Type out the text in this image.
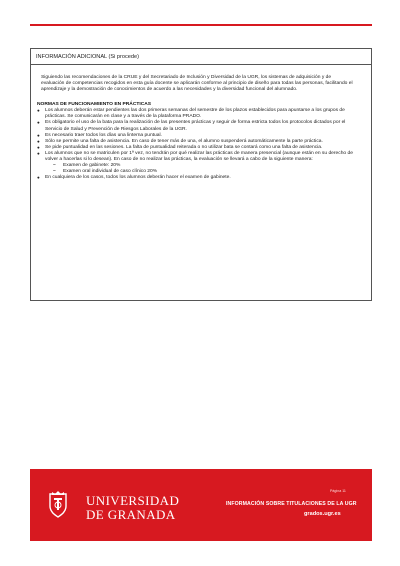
INFORMACIÓN ADICIONAL (Si procede)

Siguiendo las recomendaciones de la CRUE y del Secretariado de Inclusión y Diversidad de la UGR, los sistemas de adquisición y de evaluación de competencias recogidos en esta guía docente se aplicarán conforme al principio de diseño para todas las personas, facilitando el aprendizaje y la demostración de conocimientos de acuerdo a las necesidades y la diversidad funcional del alumnado.

NORMAS DE FUNCIONAMIENTO EN PRÁCTICAS
● Los alumnos deberán estar pendientes las dos primeras semanas del semestre de los plazos establecidos para apuntarse a los grupos de prácticas. Se comunicarán en clase y a través de la plataforma PRADO.
● Es obligatorio el uso de la bata para la realización de las presentes prácticas y seguir de forma estricta todos los protocolos dictados por el Servicio de Salud y Prevención de Riesgos Laborales de la UGR.
● Es necesario traer todos los días una linterna puntual.
● Sólo se permite una falta de asistencia. En caso de tener más de una, el alumno suspenderá automáticamente la parte práctica.
● Se pide puntualidad en las sesiones. La falta de puntualidad reiterada o no utilizar bata se contará como una falta de asistencia.
● Los alumnos que no se matriculen por 1ª vez, no tendrán por qué realizar las prácticas de manera presencial (aunque están en su derecho de volver a hacerlas si lo desean). En caso de no realizar las prácticas, la evaluación se llevará a cabo de la siguiente manera:
– Examen de gabinete: 20%
– Examen oral individual de caso clínico 20%
● En cualquiera de los casos, todos los alumnos deberán hacer el examen de gabinete.
UNIVERSIDAD
DE GRANADA
Página 11
INFORMACIÓN SOBRE TITULACIONES DE LA UGR
grados.ugr.es
